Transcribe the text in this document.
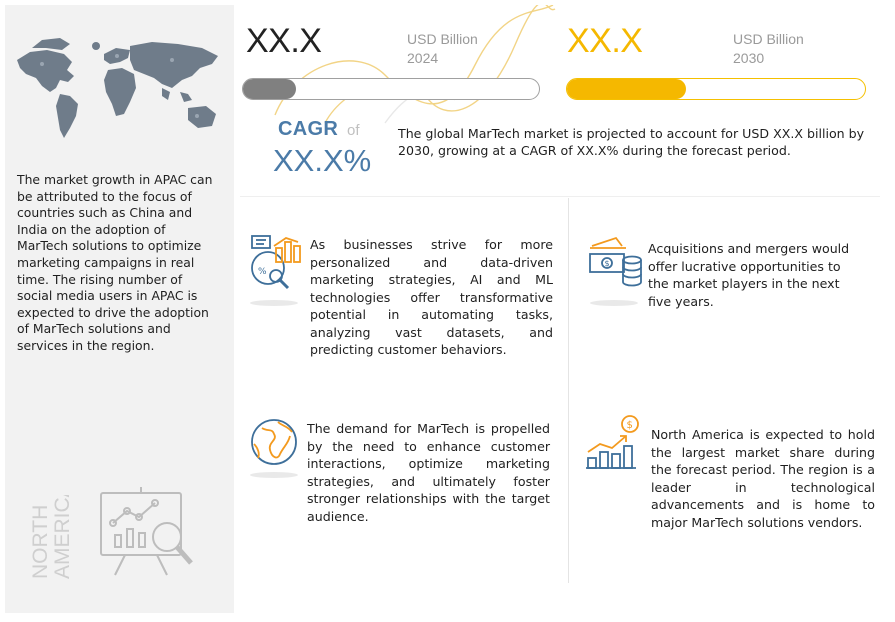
The market growth in APAC can be attributed to the focus of countries such as China and India on the adoption of MarTech solutions to optimize marketing campaigns in real time. The rising number of social media users in APAC is expected to drive the adoption of MarTech solutions and services in the region.
NORTH AMERICA
XX.X	USD Billion
2024	XX.X	USD Billion
2030
CAGR of
XX.X%
The global MarTech market is projected to account for USD XX.X billion by 2030, growing at a CAGR of XX.X% during the forecast period.
%
As businesses strive for more personalized and data-driven marketing strategies, AI and ML technologies offer transformative potential in automating tasks, analyzing vast datasets, and predicting customer behaviors.
$
Acquisitions and mergers would offer lucrative opportunities to the market players in the next five years.
The demand for MarTech is propelled by the need to enhance customer interactions, optimize marketing strategies, and ultimately foster stronger relationships with the target audience.
$
North America is expected to hold the largest market share during the forecast period. The region is a leader in technological advancements and is home to major MarTech solutions vendors.
